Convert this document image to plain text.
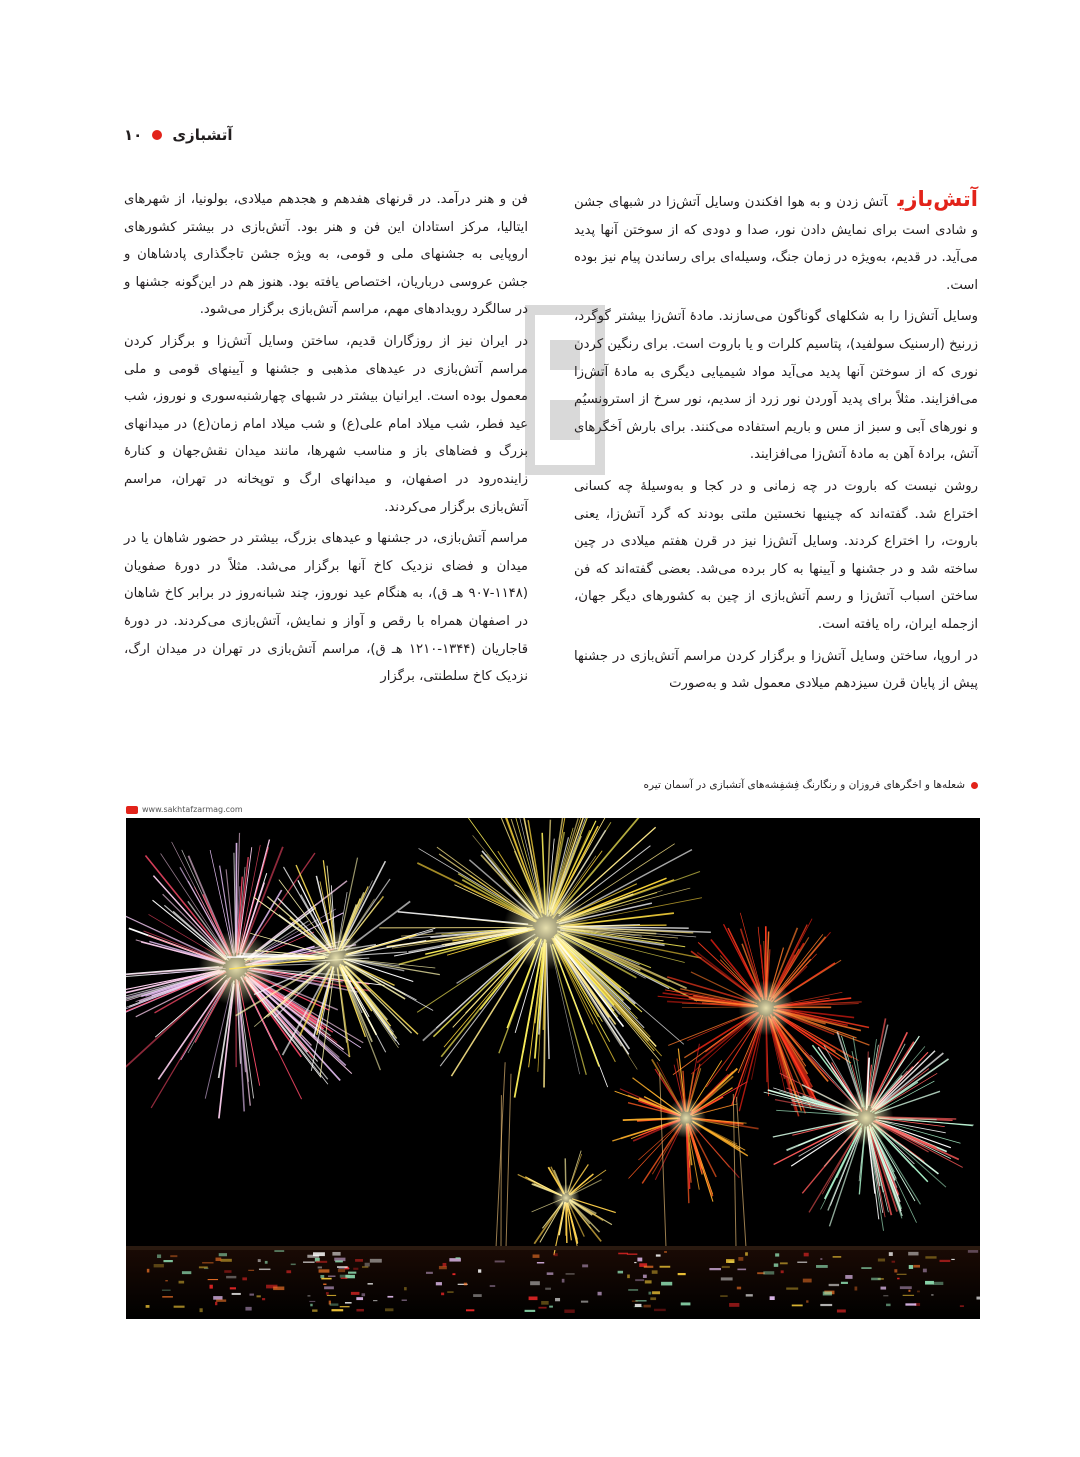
۱۰ آتشبازی

آتش‌بازیآتش زدن و به هوا افکندن وسایل آتش‌زا در شبهای جشن و شادی است برای نمایش دادن نور، صدا و دودی که از سوختن آنها پدید می‌آید. در قدیم، به‌ویژه در زمان جنگ، وسیله‌ای برای رساندن پیام نیز بوده است.

وسایل آتش‌زا را به شکلهای گوناگون می‌سازند. مادهٔ آتش‌زا بیشتر گوگرد، زرنیخ (ارسنیک سولفید)، پتاسیم کلرات و یا باروت است. برای رنگین کردن نوری که از سوختن آنها پدید می‌آید مواد شیمیایی دیگری به مادهٔ آتش‌زا می‌افزایند. مثلاً برای پدید آوردن نور زرد از سدیم، نور سرخ از استرونسیُم و نورهای آبی و سبز از مس و باریم استفاده می‌کنند. برای بارش اَخگرهای آتش، برادهٔ آهن به مادهٔ آتش‌زا می‌افزایند.

روشن نیست که باروت در چه زمانی و در کجا و به‌وسیلهٔ چه کسانی اختراع شد. گفته‌اند که چینیها نخستین ملتی بودند که گرد آتش‌زا، یعنی باروت، را اختراع کردند. وسایل آتش‌زا نیز در قرن هفتم میلادی در چین ساخته شد و در جشنها و آیینها به کار برده می‌شد. بعضی گفته‌اند که فن ساختن اسباب آتش‌زا و رسم آتش‌بازی از چین به کشورهای دیگر جهان، ازجمله ایران، راه یافته است.

در اروپا، ساختن وسایل آتش‌زا و برگزار کردن مراسم آتش‌بازی در جشنها پیش از پایان قرن سیزدهم میلادی معمول شد و به‌صورت

فن و هنر درآمد. در قرنهای هفدهم و هجدهم میلادی، بولونیا، از شهرهای ایتالیا، مرکز استادان این فن و هنر بود. آتش‌بازی در بیشتر کشورهای اروپایی به جشنهای ملی و قومی، به ویژه جشن تاجگذاری پادشاهان و جشن عروسی درباریان، اختصاص یافته بود. هنوز هم در این‌گونه جشنها و در سالگرد رویدادهای مهم، مراسم آتش‌بازی برگزار می‌شود.

در ایران نیز از روزگاران قدیم، ساختن وسایل آتش‌زا و برگزار کردن مراسم آتش‌بازی در عیدهای مذهبی و جشنها و آیینهای قومی و ملی معمول بوده است. ایرانیان بیشتر در شبهای چهارشنبه‌سوری و نوروز، شب عید فطر، شب میلاد امام علی(ع) و شب میلاد امام زمان(ع) در میدانهای بزرگ و فضاهای باز و مناسب شهرها، مانند میدان نقش‌جهان و کنارهٔ زاینده‌رود در اصفهان، و میدانهای ارگ و توپخانه در تهران، مراسم آتش‌بازی برگزار می‌کردند.

مراسم آتش‌بازی، در جشنها و عیدهای بزرگ، بیشتر در حضور شاهان یا در میدان و فضای نزدیک کاخ آنها برگزار می‌شد. مثلاً در دورهٔ صفویان (۱۱۴۸-۹۰۷ هـ ق)، به هنگام عید نوروز، چند شبانه‌روز در برابر کاخ شاهان در اصفهان همراه با رقص و آواز و نمایش، آتش‌بازی می‌کردند. در دورهٔ قاجاریان (۱۳۴۴-۱۲۱۰ هـ ق)، مراسم آتش‌بازی در تهران در میدان ارگ، نزدیک کاخ سلطنتی، برگزار

شعله‌ها و اخگرهای فروزان و رنگارنگ فِشفِشه‌های آتشبازی در آسمان تیره
www.sakhtafzarmag.com
